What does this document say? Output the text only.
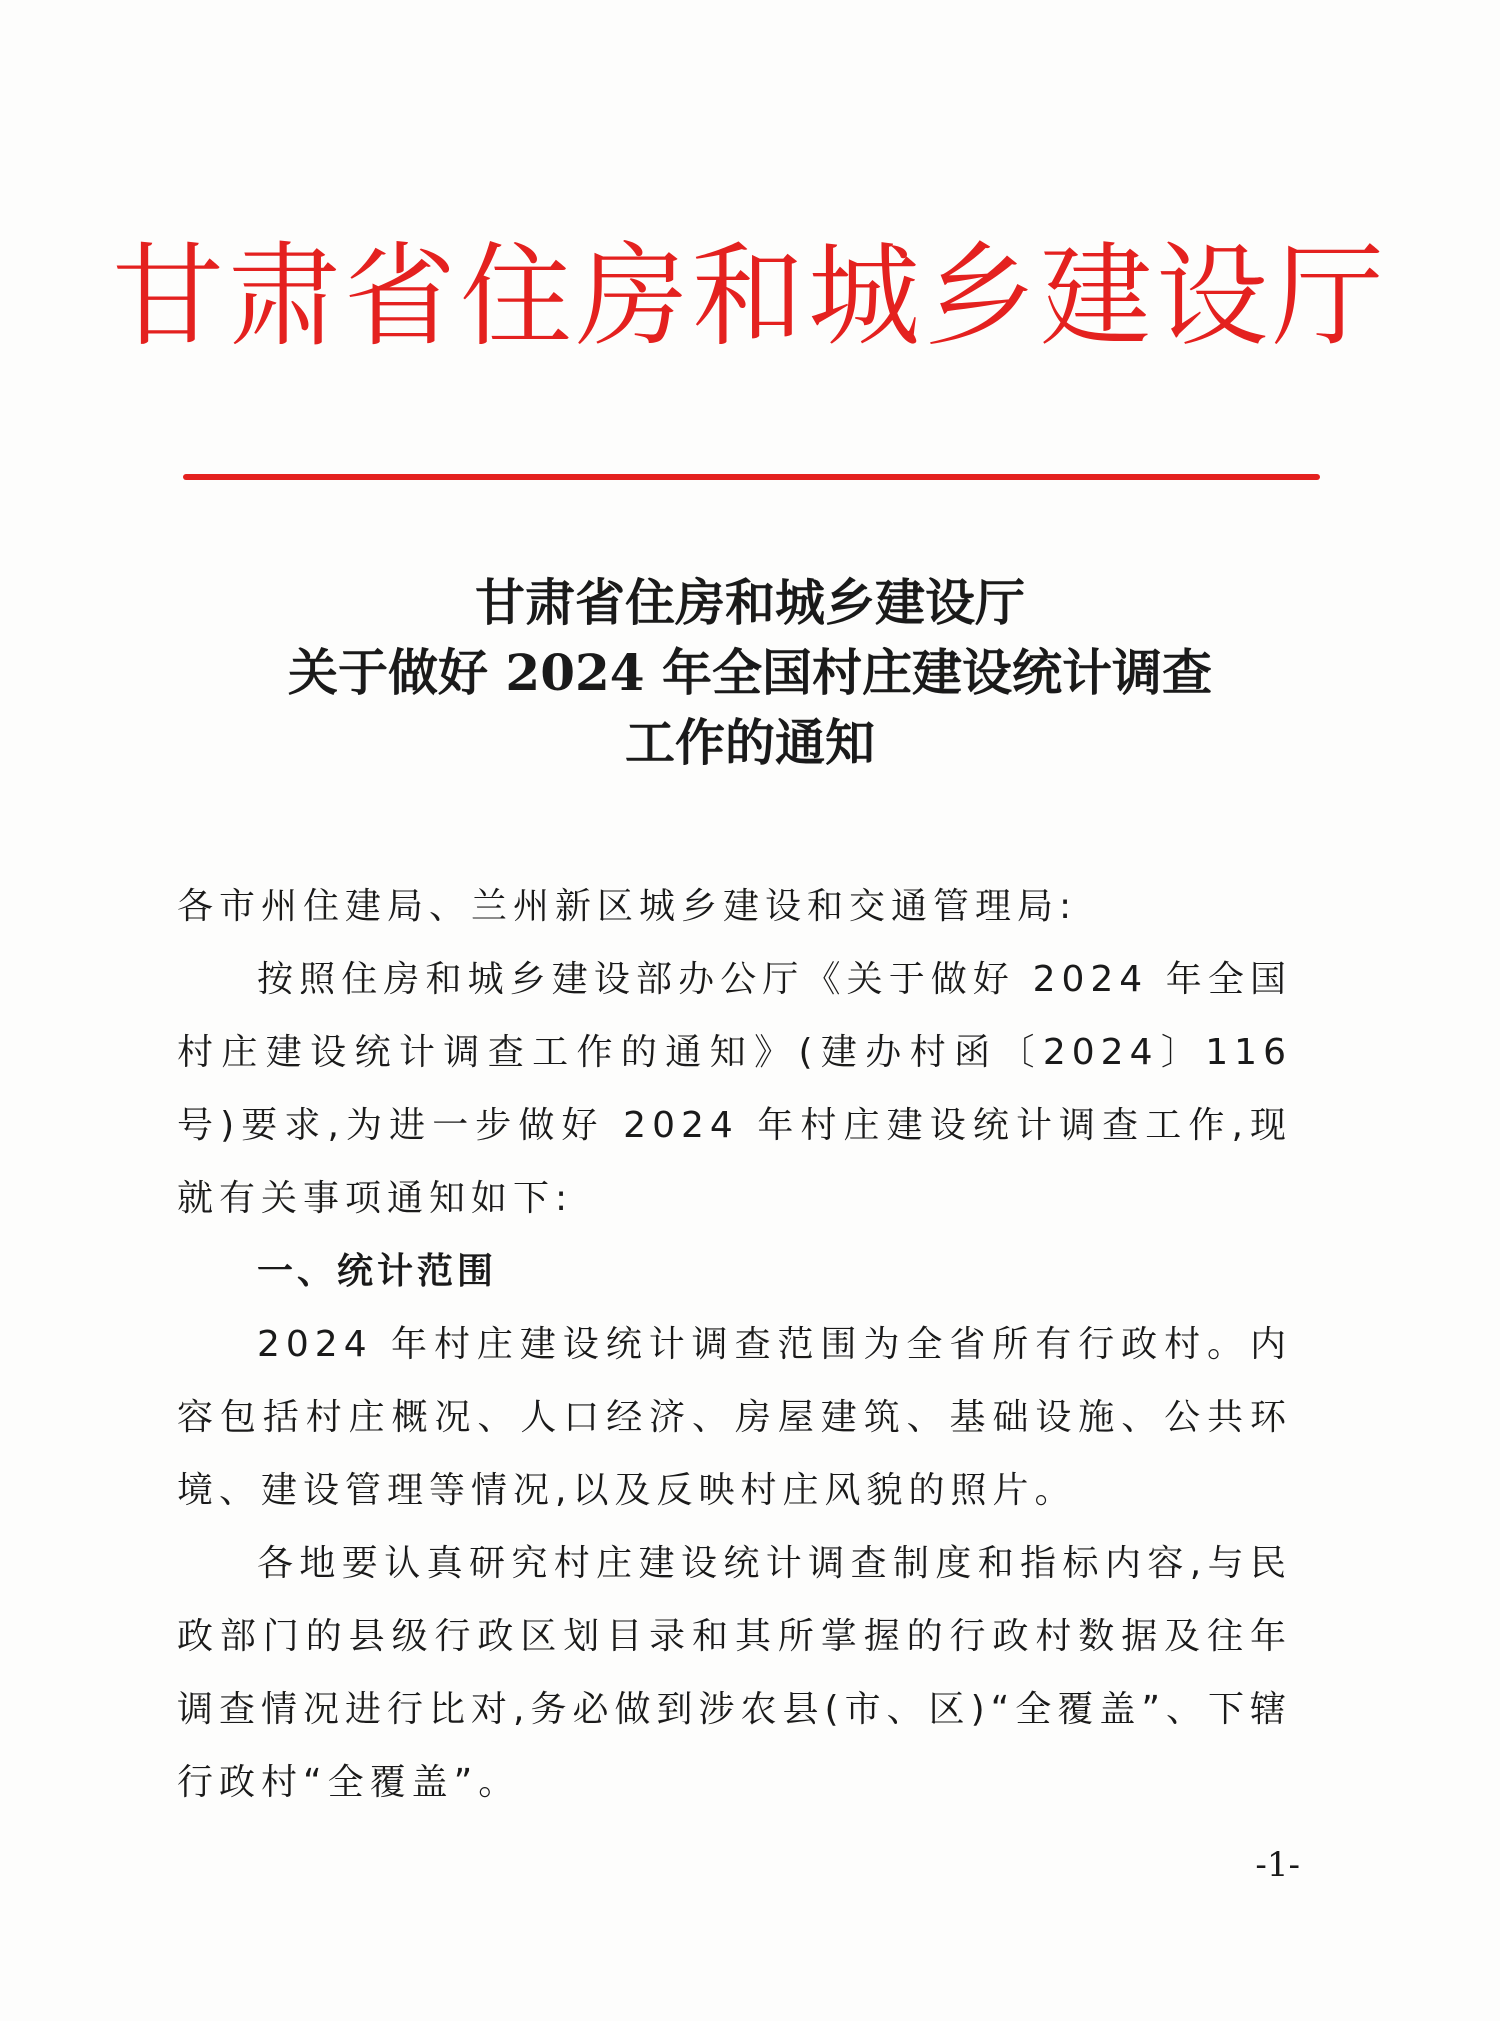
甘肃省住房和城乡建设厅
甘肃省住房和城乡建设厅
关于做好 2024 年全国村庄建设统计调查
工作的通知

各市州住建局、兰州新区城乡建设和交通管理局:

按照住房和城乡建设部办公厅《关于做好 2024 年全国村庄建设统计调查工作的通知》(建办村函〔2024〕116 号)要求,为进一步做好 2024 年村庄建设统计调查工作,现就有关事项通知如下:

一、统计范围

2024 年村庄建设统计调查范围为全省所有行政村。内容包括村庄概况、人口经济、房屋建筑、基础设施、公共环境、建设管理等情况,以及反映村庄风貌的照片。

各地要认真研究村庄建设统计调查制度和指标内容,与民政部门的县级行政区划目录和其所掌握的行政村数据及往年调查情况进行比对,务必做到涉农县(市、区)“全覆盖”、下辖行政村“全覆盖”。

-1-
